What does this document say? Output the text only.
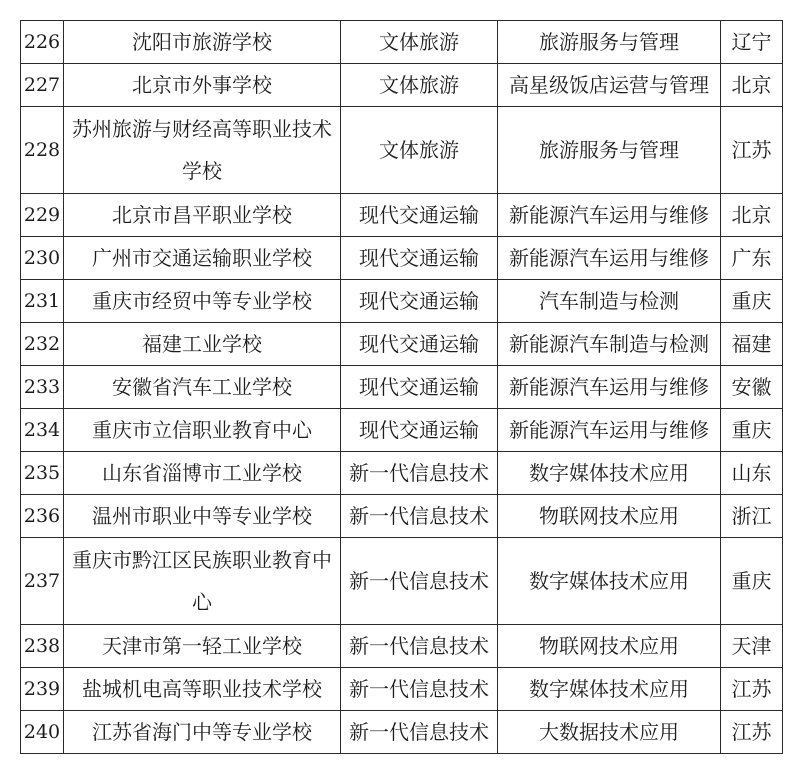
226	沈阳市旅游学校	文体旅游	旅游服务与管理	辽宁
227	北京市外事学校	文体旅游	高星级饭店运营与管理	北京
228	苏州旅游与财经高等职业技术学校	文体旅游	旅游服务与管理	江苏
229	北京市昌平职业学校	现代交通运输	新能源汽车运用与维修	北京
230	广州市交通运输职业学校	现代交通运输	新能源汽车运用与维修	广东
231	重庆市经贸中等专业学校	现代交通运输	汽车制造与检测	重庆
232	福建工业学校	现代交通运输	新能源汽车制造与检测	福建
233	安徽省汽车工业学校	现代交通运输	新能源汽车运用与维修	安徽
234	重庆市立信职业教育中心	现代交通运输	新能源汽车运用与维修	重庆
235	山东省淄博市工业学校	新一代信息技术	数字媒体技术应用	山东
236	温州市职业中等专业学校	新一代信息技术	物联网技术应用	浙江
237	重庆市黔江区民族职业教育中心	新一代信息技术	数字媒体技术应用	重庆
238	天津市第一轻工业学校	新一代信息技术	物联网技术应用	天津
239	盐城机电高等职业技术学校	新一代信息技术	数字媒体技术应用	江苏
240	江苏省海门中等专业学校	新一代信息技术	大数据技术应用	江苏
